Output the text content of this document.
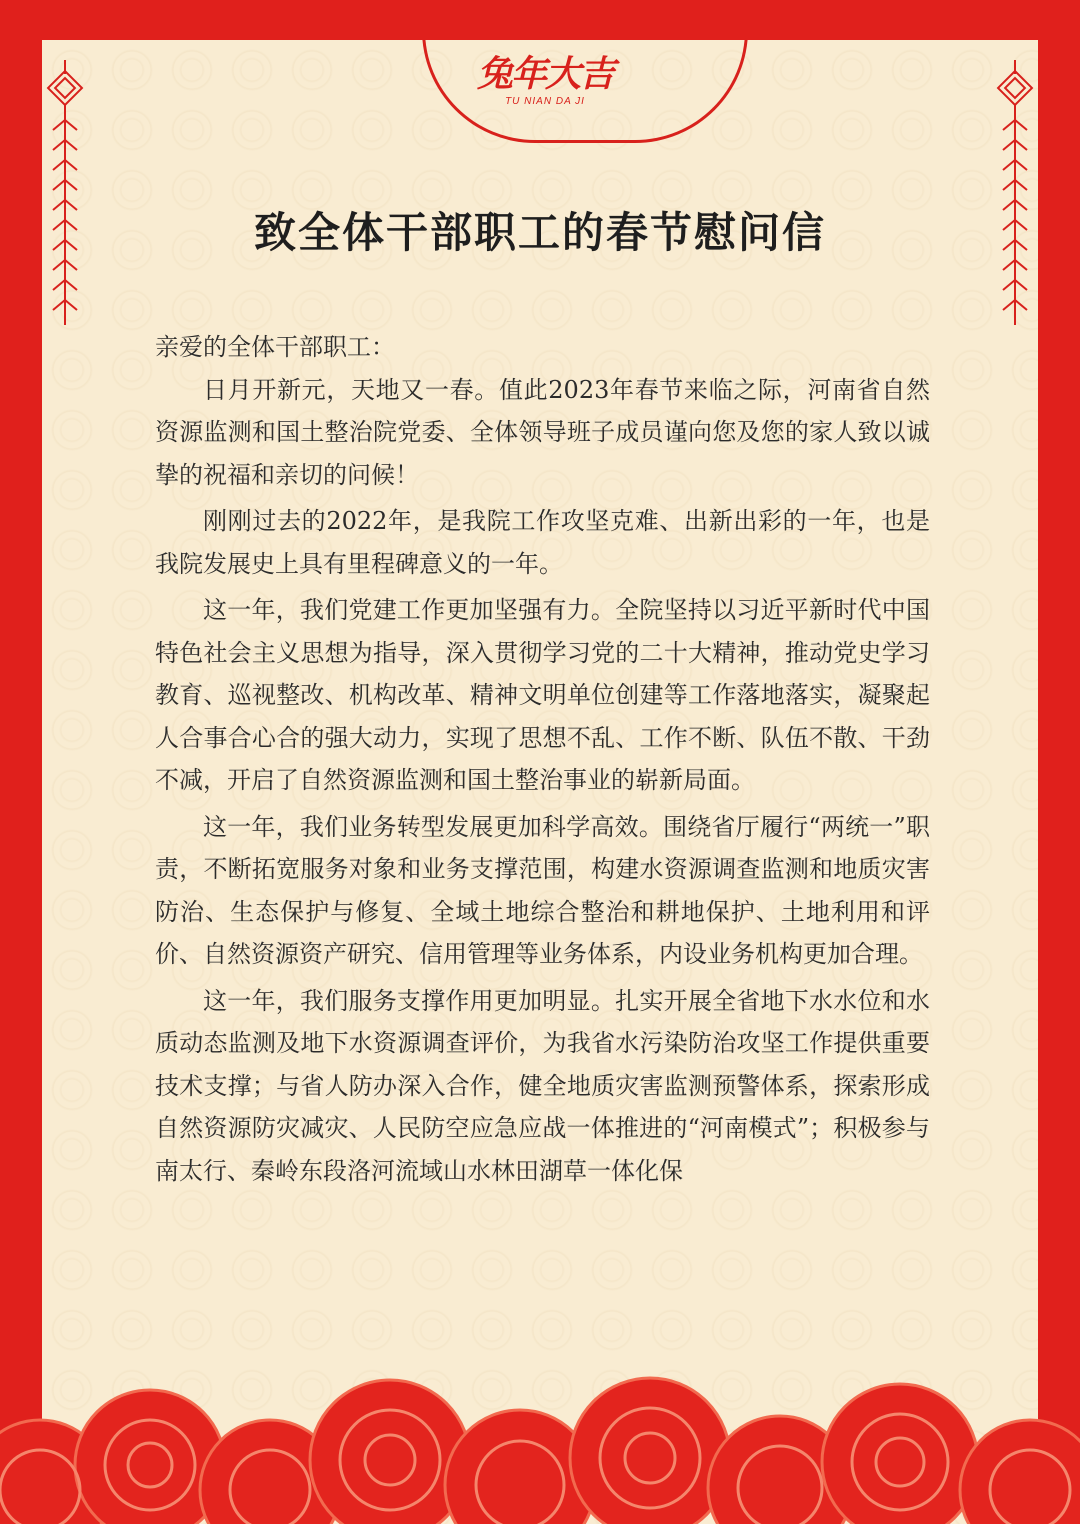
兔年大吉
TU NIAN DA JI
致全体干部职工的春节慰问信

亲爱的全体干部职工：

日月开新元，天地又一春。值此2023年春节来临之际，河南省自然资源监测和国土整治院党委、全体领导班子成员谨向您及您的家人致以诚挚的祝福和亲切的问候！

刚刚过去的2022年，是我院工作攻坚克难、出新出彩的一年，也是我院发展史上具有里程碑意义的一年。

这一年，我们党建工作更加坚强有力。全院坚持以习近平新时代中国特色社会主义思想为指导，深入贯彻学习党的二十大精神，推动党史学习教育、巡视整改、机构改革、精神文明单位创建等工作落地落实，凝聚起人合事合心合的强大动力，实现了思想不乱、工作不断、队伍不散、干劲不减，开启了自然资源监测和国土整治事业的崭新局面。

这一年，我们业务转型发展更加科学高效。围绕省厅履行“两统一”职责，不断拓宽服务对象和业务支撑范围，构建水资源调查监测和地质灾害防治、生态保护与修复、全域土地综合整治和耕地保护、土地利用和评价、自然资源资产研究、信用管理等业务体系，内设业务机构更加合理。

这一年，我们服务支撑作用更加明显。扎实开展全省地下水水位和水质动态监测及地下水资源调查评价，为我省水污染防治攻坚工作提供重要技术支撑；与省人防办深入合作，健全地质灾害监测预警体系，探索形成自然资源防灾减灾、人民防空应急应战一体推进的“河南模式”；积极参与南太行、秦岭东段洛河流域山水林田湖草一体化保
